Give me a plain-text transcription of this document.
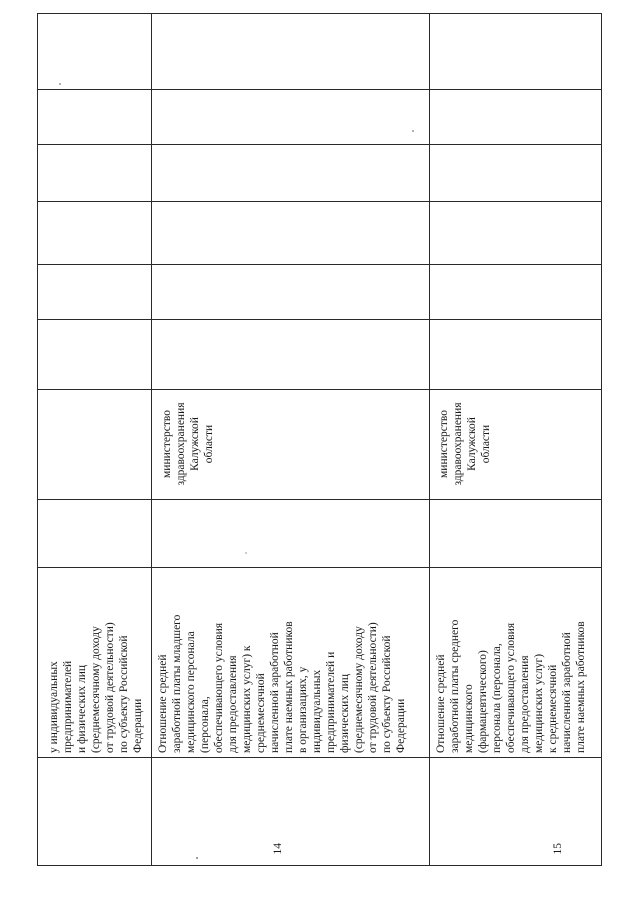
у индивидуальных
предпринимателей
и физических лиц
(среднемесячному доходу
от трудовой деятельности)
по субъекту Российской
Федерации

14

Отношение средней
заработной платы младшего
медицинского персонала
(персонала,
обеспечивающего условия
для предоставления
медицинских услуг) к
среднемесячной
начисленной заработной
плате наемных работников
в организациях, у
индивидуальных
предпринимателей и
физических лиц
(среднемесячному доходу
от трудовой деятельности)
по субъекту Российской
Федерации
министерство
здравоохранения
Калужской
области

15

Отношение средней
заработной платы среднего
медицинского
(фармацевтического)
персонала (персонала,
обеспечивающего условия
для предоставления
медицинских услуг)
к среднемесячной
начисленной заработной
плате наемных работников
министерство
здравоохранения
Калужской
области
